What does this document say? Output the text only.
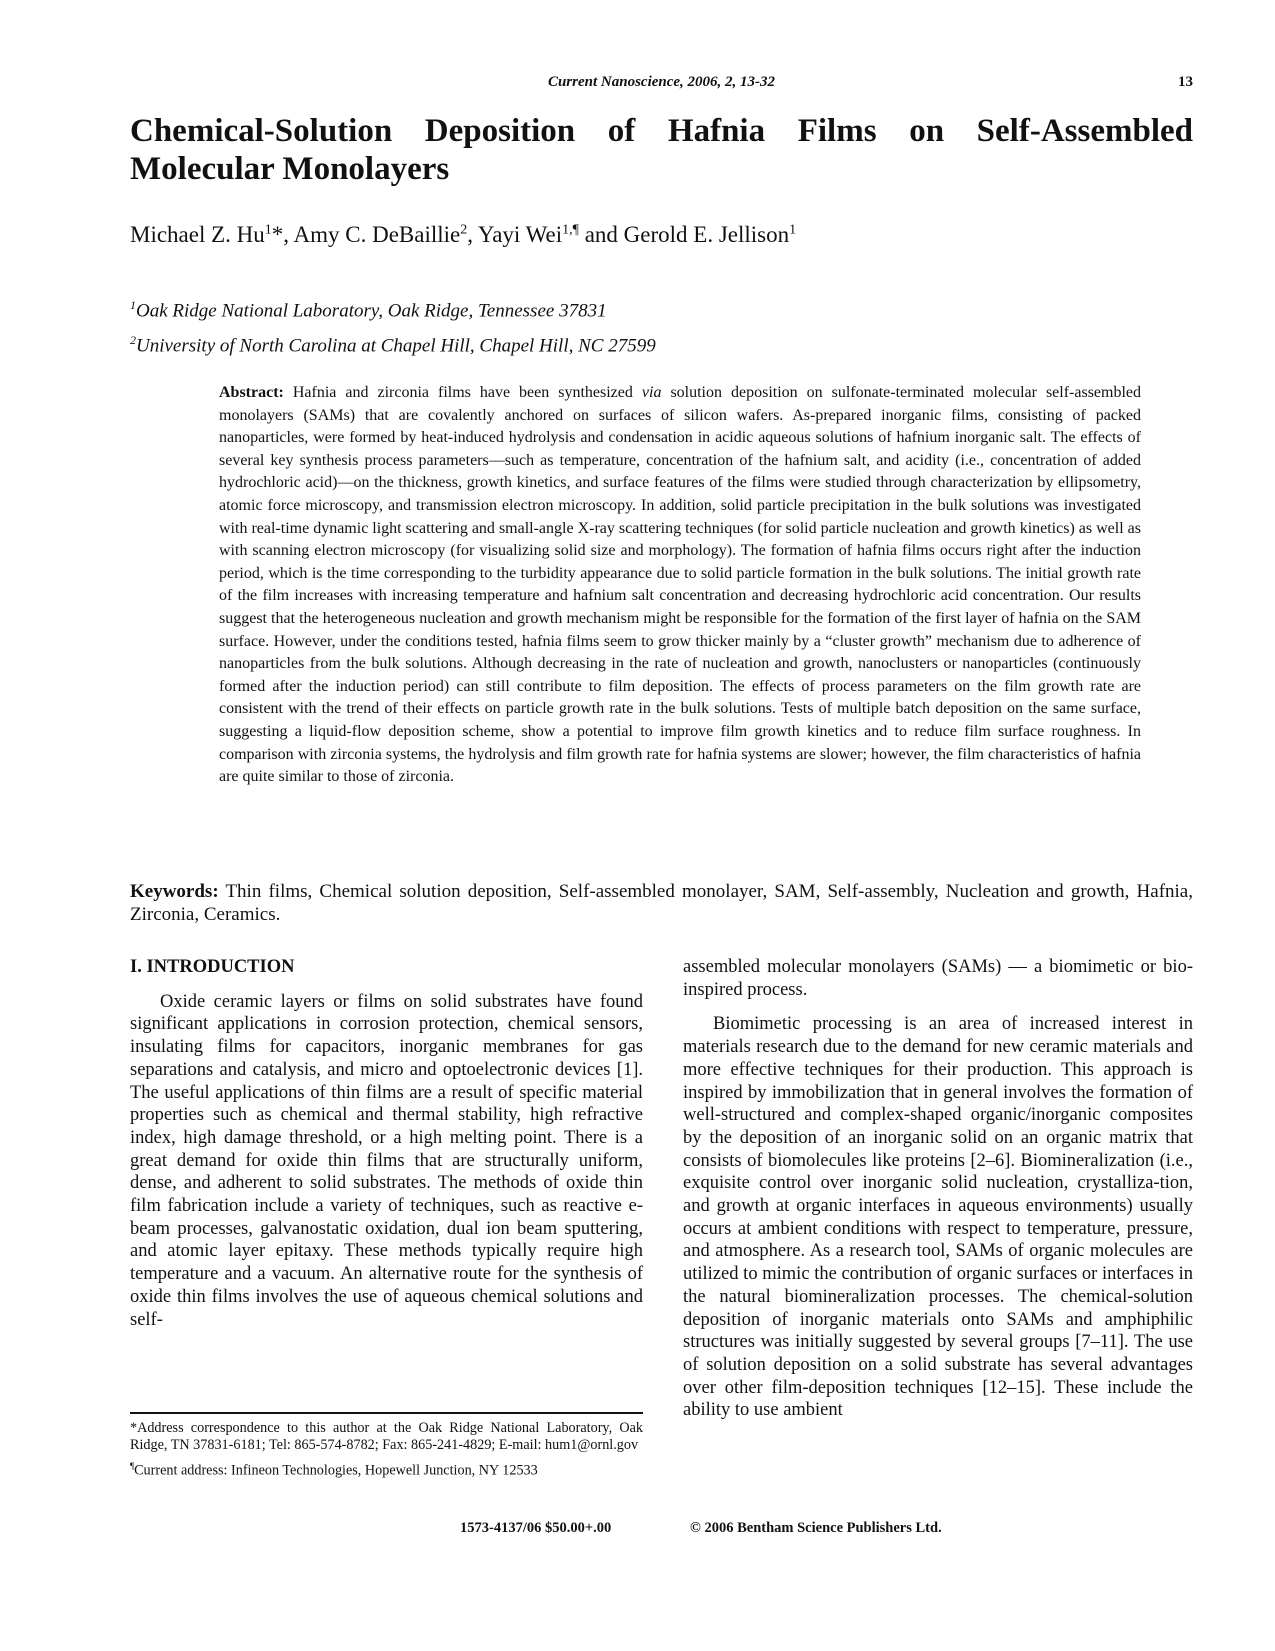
Current Nanoscience, 2006, 2, 13-32	13
Chemical-Solution Deposition of Hafnia Films on Self-Assembled Molecular Monolayers
Michael Z. Hu$^1$*, Amy C. DeBaillie$^2$, Yayi Wei$^{1,\P}$ and Gerold E. Jellison$^1$
$^1$Oak Ridge National Laboratory, Oak Ridge, Tennessee 37831
$^2$University of North Carolina at Chapel Hill, Chapel Hill, NC 27599
Abstract: Hafnia and zirconia films have been synthesized via solution deposition on sulfonate-terminated molecular self-assembled monolayers (SAMs) that are covalently anchored on surfaces of silicon wafers. As-prepared inorganic films, consisting of packed nanoparticles, were formed by heat-induced hydrolysis and condensation in acidic aqueous solutions of hafnium inorganic salt. The effects of several key synthesis process parameters—such as temperature, concentration of the hafnium salt, and acidity (i.e., concentration of added hydrochloric acid)—on the thickness, growth kinetics, and surface features of the films were studied through characterization by ellipsometry, atomic force microscopy, and transmission electron microscopy. In addition, solid particle precipitation in the bulk solutions was investigated with real-time dynamic light scattering and small-angle X-ray scattering techniques (for solid particle nucleation and growth kinetics) as well as with scanning electron microscopy (for visualizing solid size and morphology). The formation of hafnia films occurs right after the induction period, which is the time corresponding to the turbidity appearance due to solid particle formation in the bulk solutions. The initial growth rate of the film increases with increasing temperature and hafnium salt concentration and decreasing hydrochloric acid concentration. Our results suggest that the heterogeneous nucleation and growth mechanism might be responsible for the formation of the first layer of hafnia on the SAM surface. However, under the conditions tested, hafnia films seem to grow thicker mainly by a “cluster growth” mechanism due to adherence of nanoparticles from the bulk solutions. Although decreasing in the rate of nucleation and growth, nanoclusters or nanoparticles (continuously formed after the induction period) can still contribute to film deposition. The effects of process parameters on the film growth rate are consistent with the trend of their effects on particle growth rate in the bulk solutions. Tests of multiple batch deposition on the same surface, suggesting a liquid-flow deposition scheme, show a potential to improve film growth kinetics and to reduce film surface roughness. In comparison with zirconia systems, the hydrolysis and film growth rate for hafnia systems are slower; however, the film characteristics of hafnia are quite similar to those of zirconia.
Keywords: Thin films, Chemical solution deposition, Self-assembled monolayer, SAM, Self-assembly, Nucleation and growth, Hafnia, Zirconia, Ceramics.
I. INTRODUCTION

Oxide ceramic layers or films on solid substrates have found significant applications in corrosion protection, chemical sensors, insulating films for capacitors, inorganic membranes for gas separations and catalysis, and micro and optoelectronic devices [1]. The useful applications of thin films are a result of specific material properties such as chemical and thermal stability, high refractive index, high damage threshold, or a high melting point. There is a great demand for oxide thin films that are structurally uniform, dense, and adherent to solid substrates. The methods of oxide thin film fabrication include a variety of techniques, such as reactive e-beam processes, galvanostatic oxidation, dual ion beam sputtering, and atomic layer epitaxy. These methods typically require high temperature and a vacuum. An alternative route for the synthesis of oxide thin films involves the use of aqueous chemical solutions and self-

assembled molecular monolayers (SAMs) — a biomimetic or bio-inspired process.

Biomimetic processing is an area of increased interest in materials research due to the demand for new ceramic materials and more effective techniques for their production. This approach is inspired by immobilization that in general involves the formation of well-structured and complex-shaped organic/inorganic composites by the deposition of an inorganic solid on an organic matrix that consists of biomolecules like proteins [2–6]. Biomineralization (i.e., exquisite control over inorganic solid nucleation, crystalliza-tion, and growth at organic interfaces in aqueous environments) usually occurs at ambient conditions with respect to temperature, pressure, and atmosphere. As a research tool, SAMs of organic molecules are utilized to mimic the contribution of organic surfaces or interfaces in the natural biomineralization processes. The chemical-solution deposition of inorganic materials onto SAMs and amphiphilic structures was initially suggested by several groups [7–11]. The use of solution deposition on a solid substrate has several advantages over other film-deposition techniques [12–15]. These include the ability to use ambient

*Address correspondence to this author at the Oak Ridge National Laboratory, Oak Ridge, TN 37831-6181; Tel: 865-574-8782; Fax: 865-241-4829; E-mail: hum1@ornl.gov

¶Current address: Infineon Technologies, Hopewell Junction, NY 12533

1573-4137/06 $50.00+.00	© 2006 Bentham Science Publishers Ltd.
